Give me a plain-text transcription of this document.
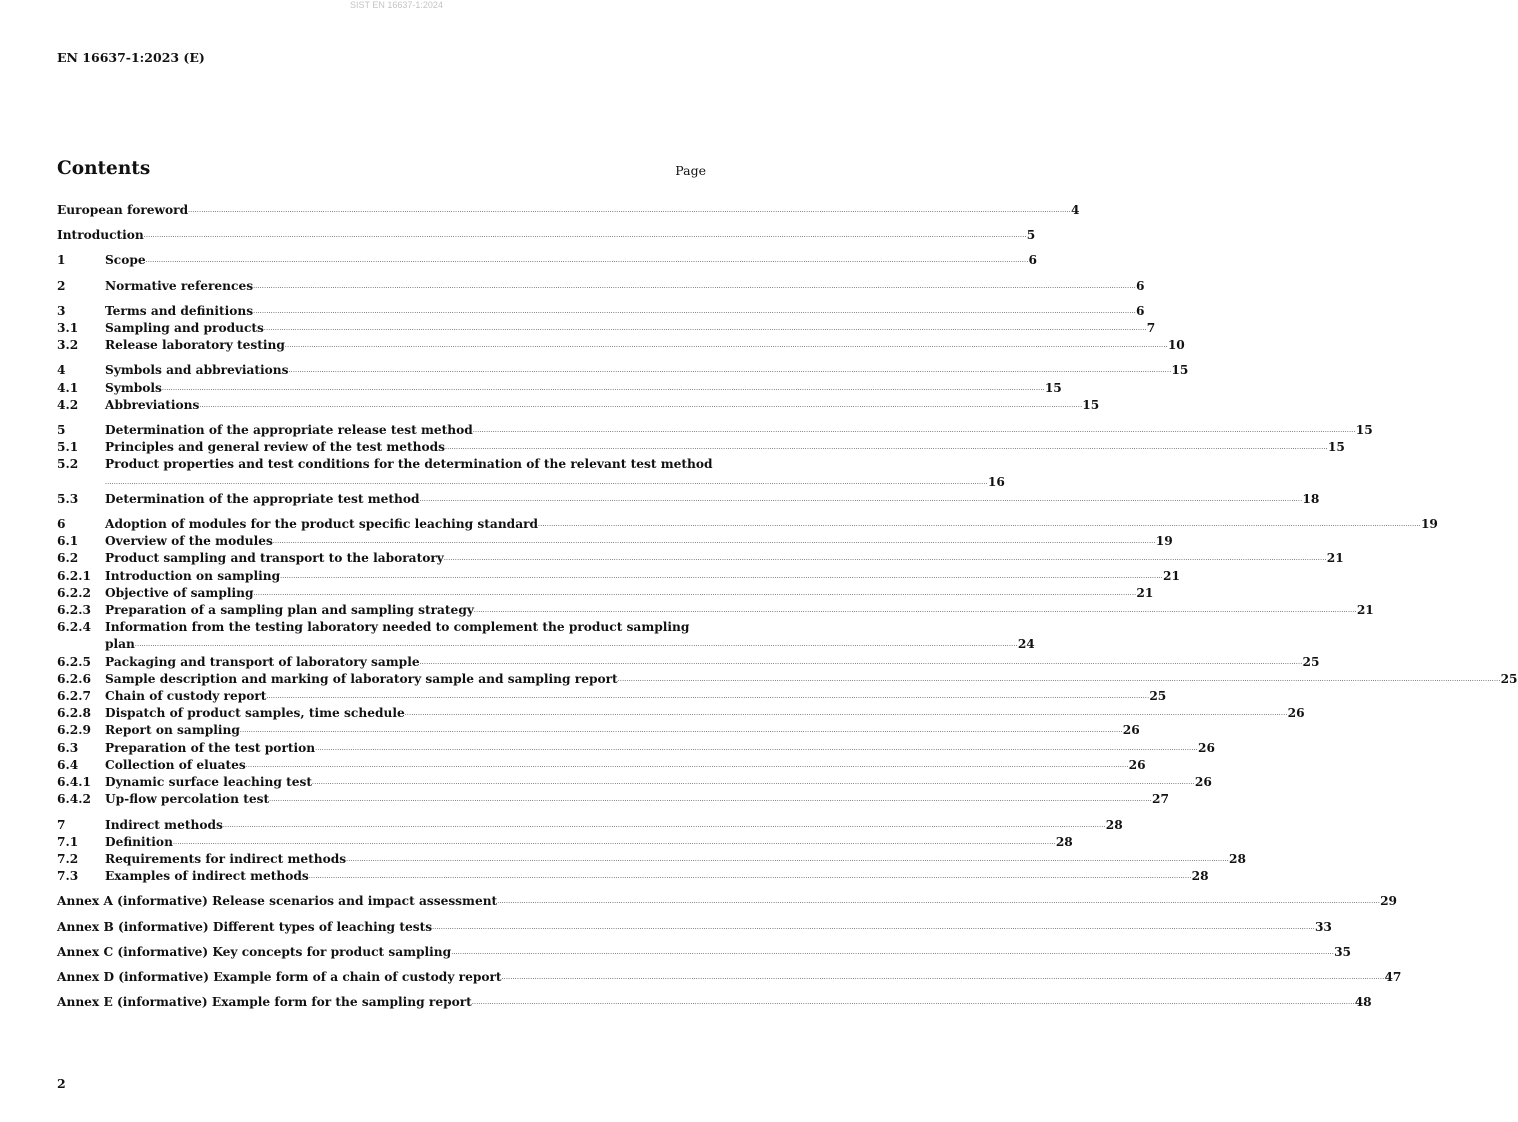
SIST EN 16637-1:2024
EN 16637-1:2023 (E)
Contents	Page
European foreword ................................................................................................................................................................................................................................................................................................................................................................................................................ 4
Introduction ................................................................................................................................................................................................................................................................................................................................................................................................................ 5
1	Scope ................................................................................................................................................................................................................................................................................................................................................................................................................ 6
2	Normative references ................................................................................................................................................................................................................................................................................................................................................................................................................ 6
3	Terms and definitions ................................................................................................................................................................................................................................................................................................................................................................................................................ 6
3.1	Sampling and products ................................................................................................................................................................................................................................................................................................................................................................................................................ 7
3.2	Release laboratory testing ................................................................................................................................................................................................................................................................................................................................................................................................................ 10
4	Symbols and abbreviations ................................................................................................................................................................................................................................................................................................................................................................................................................ 15
4.1	Symbols ................................................................................................................................................................................................................................................................................................................................................................................................................ 15
4.2	Abbreviations ................................................................................................................................................................................................................................................................................................................................................................................................................ 15
5	Determination of the appropriate release test method ................................................................................................................................................................................................................................................................................................................................................................................................................ 15
5.1	Principles and general review of the test methods ................................................................................................................................................................................................................................................................................................................................................................................................................ 15
5.2	Product properties and test conditions for the determination of the relevant test method
................................................................................................................................................................................................................................................................................................................................................................................................................ 16
5.3	Determination of the appropriate test method ................................................................................................................................................................................................................................................................................................................................................................................................................ 18
6	Adoption of modules for the product specific leaching standard ................................................................................................................................................................................................................................................................................................................................................................................................................ 19
6.1	Overview of the modules ................................................................................................................................................................................................................................................................................................................................................................................................................ 19
6.2	Product sampling and transport to the laboratory ................................................................................................................................................................................................................................................................................................................................................................................................................ 21
6.2.1	Introduction on sampling ................................................................................................................................................................................................................................................................................................................................................................................................................ 21
6.2.2	Objective of sampling ................................................................................................................................................................................................................................................................................................................................................................................................................ 21
6.2.3	Preparation of a sampling plan and sampling strategy ................................................................................................................................................................................................................................................................................................................................................................................................................ 21
6.2.4	Information from the testing laboratory needed to complement the product sampling
plan ................................................................................................................................................................................................................................................................................................................................................................................................................ 24
6.2.5	Packaging and transport of laboratory sample ................................................................................................................................................................................................................................................................................................................................................................................................................ 25
6.2.6	Sample description and marking of laboratory sample and sampling report ................................................................................................................................................................................................................................................................................................................................................................................................................ 25
6.2.7	Chain of custody report ................................................................................................................................................................................................................................................................................................................................................................................................................ 25
6.2.8	Dispatch of product samples, time schedule ................................................................................................................................................................................................................................................................................................................................................................................................................ 26
6.2.9	Report on sampling ................................................................................................................................................................................................................................................................................................................................................................................................................ 26
6.3	Preparation of the test portion ................................................................................................................................................................................................................................................................................................................................................................................................................ 26
6.4	Collection of eluates ................................................................................................................................................................................................................................................................................................................................................................................................................ 26
6.4.1	Dynamic surface leaching test ................................................................................................................................................................................................................................................................................................................................................................................................................ 26
6.4.2	Up-flow percolation test ................................................................................................................................................................................................................................................................................................................................................................................................................ 27
7	Indirect methods ................................................................................................................................................................................................................................................................................................................................................................................................................ 28
7.1	Definition ................................................................................................................................................................................................................................................................................................................................................................................................................ 28
7.2	Requirements for indirect methods ................................................................................................................................................................................................................................................................................................................................................................................................................ 28
7.3	Examples of indirect methods ................................................................................................................................................................................................................................................................................................................................................................................................................ 28
Annex A (informative) Release scenarios and impact assessment ................................................................................................................................................................................................................................................................................................................................................................................................................ 29
Annex B (informative) Different types of leaching tests ................................................................................................................................................................................................................................................................................................................................................................................................................ 33
Annex C (informative) Key concepts for product sampling ................................................................................................................................................................................................................................................................................................................................................................................................................ 35
Annex D (informative) Example form of a chain of custody report ................................................................................................................................................................................................................................................................................................................................................................................................................ 47
Annex E (informative) Example form for the sampling report ................................................................................................................................................................................................................................................................................................................................................................................................................ 48
2
